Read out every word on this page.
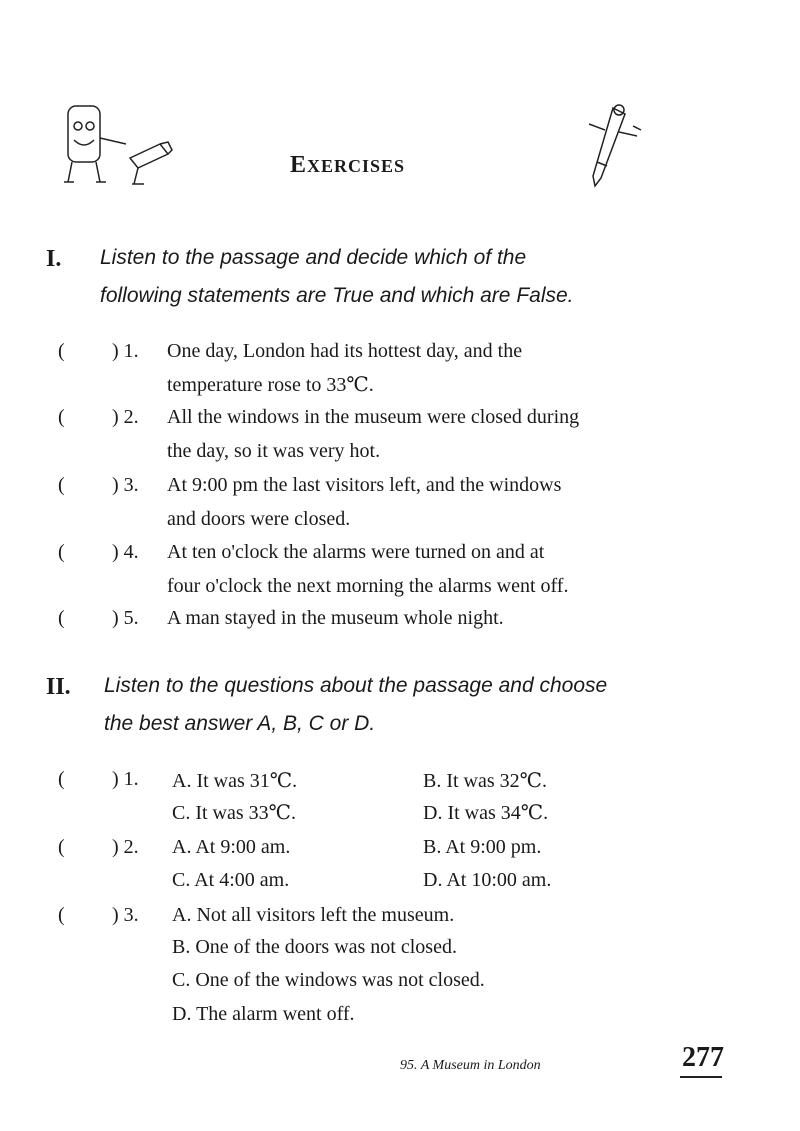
EXERCISES
I. Listen to the passage and decide which of the
following statements are True and which are False.
( ) 1. One day, London had its hottest day, and the
temperature rose to 33℃.
( ) 2. All the windows in the museum were closed during
the day, so it was very hot.
( ) 3. At 9:00 pm the last visitors left, and the windows
and doors were closed.
( ) 4. At ten o'clock the alarms were turned on and at
four o'clock the next morning the alarms went off.
( ) 5. A man stayed in the museum whole night.
II. Listen to the questions about the passage and choose
the best answer A, B, C or D.
( ) 1. A. It was 31℃.	B. It was 32℃.
C. It was 33℃.	D. It was 34℃.
( ) 2. A. At 9:00 am.	B. At 9:00 pm.
C. At 4:00 am.	D. At 10:00 am.
( ) 3. A. Not all visitors left the museum.
B. One of the doors was not closed.
C. One of the windows was not closed.
D. The alarm went off.
95. A Museum in London	277
